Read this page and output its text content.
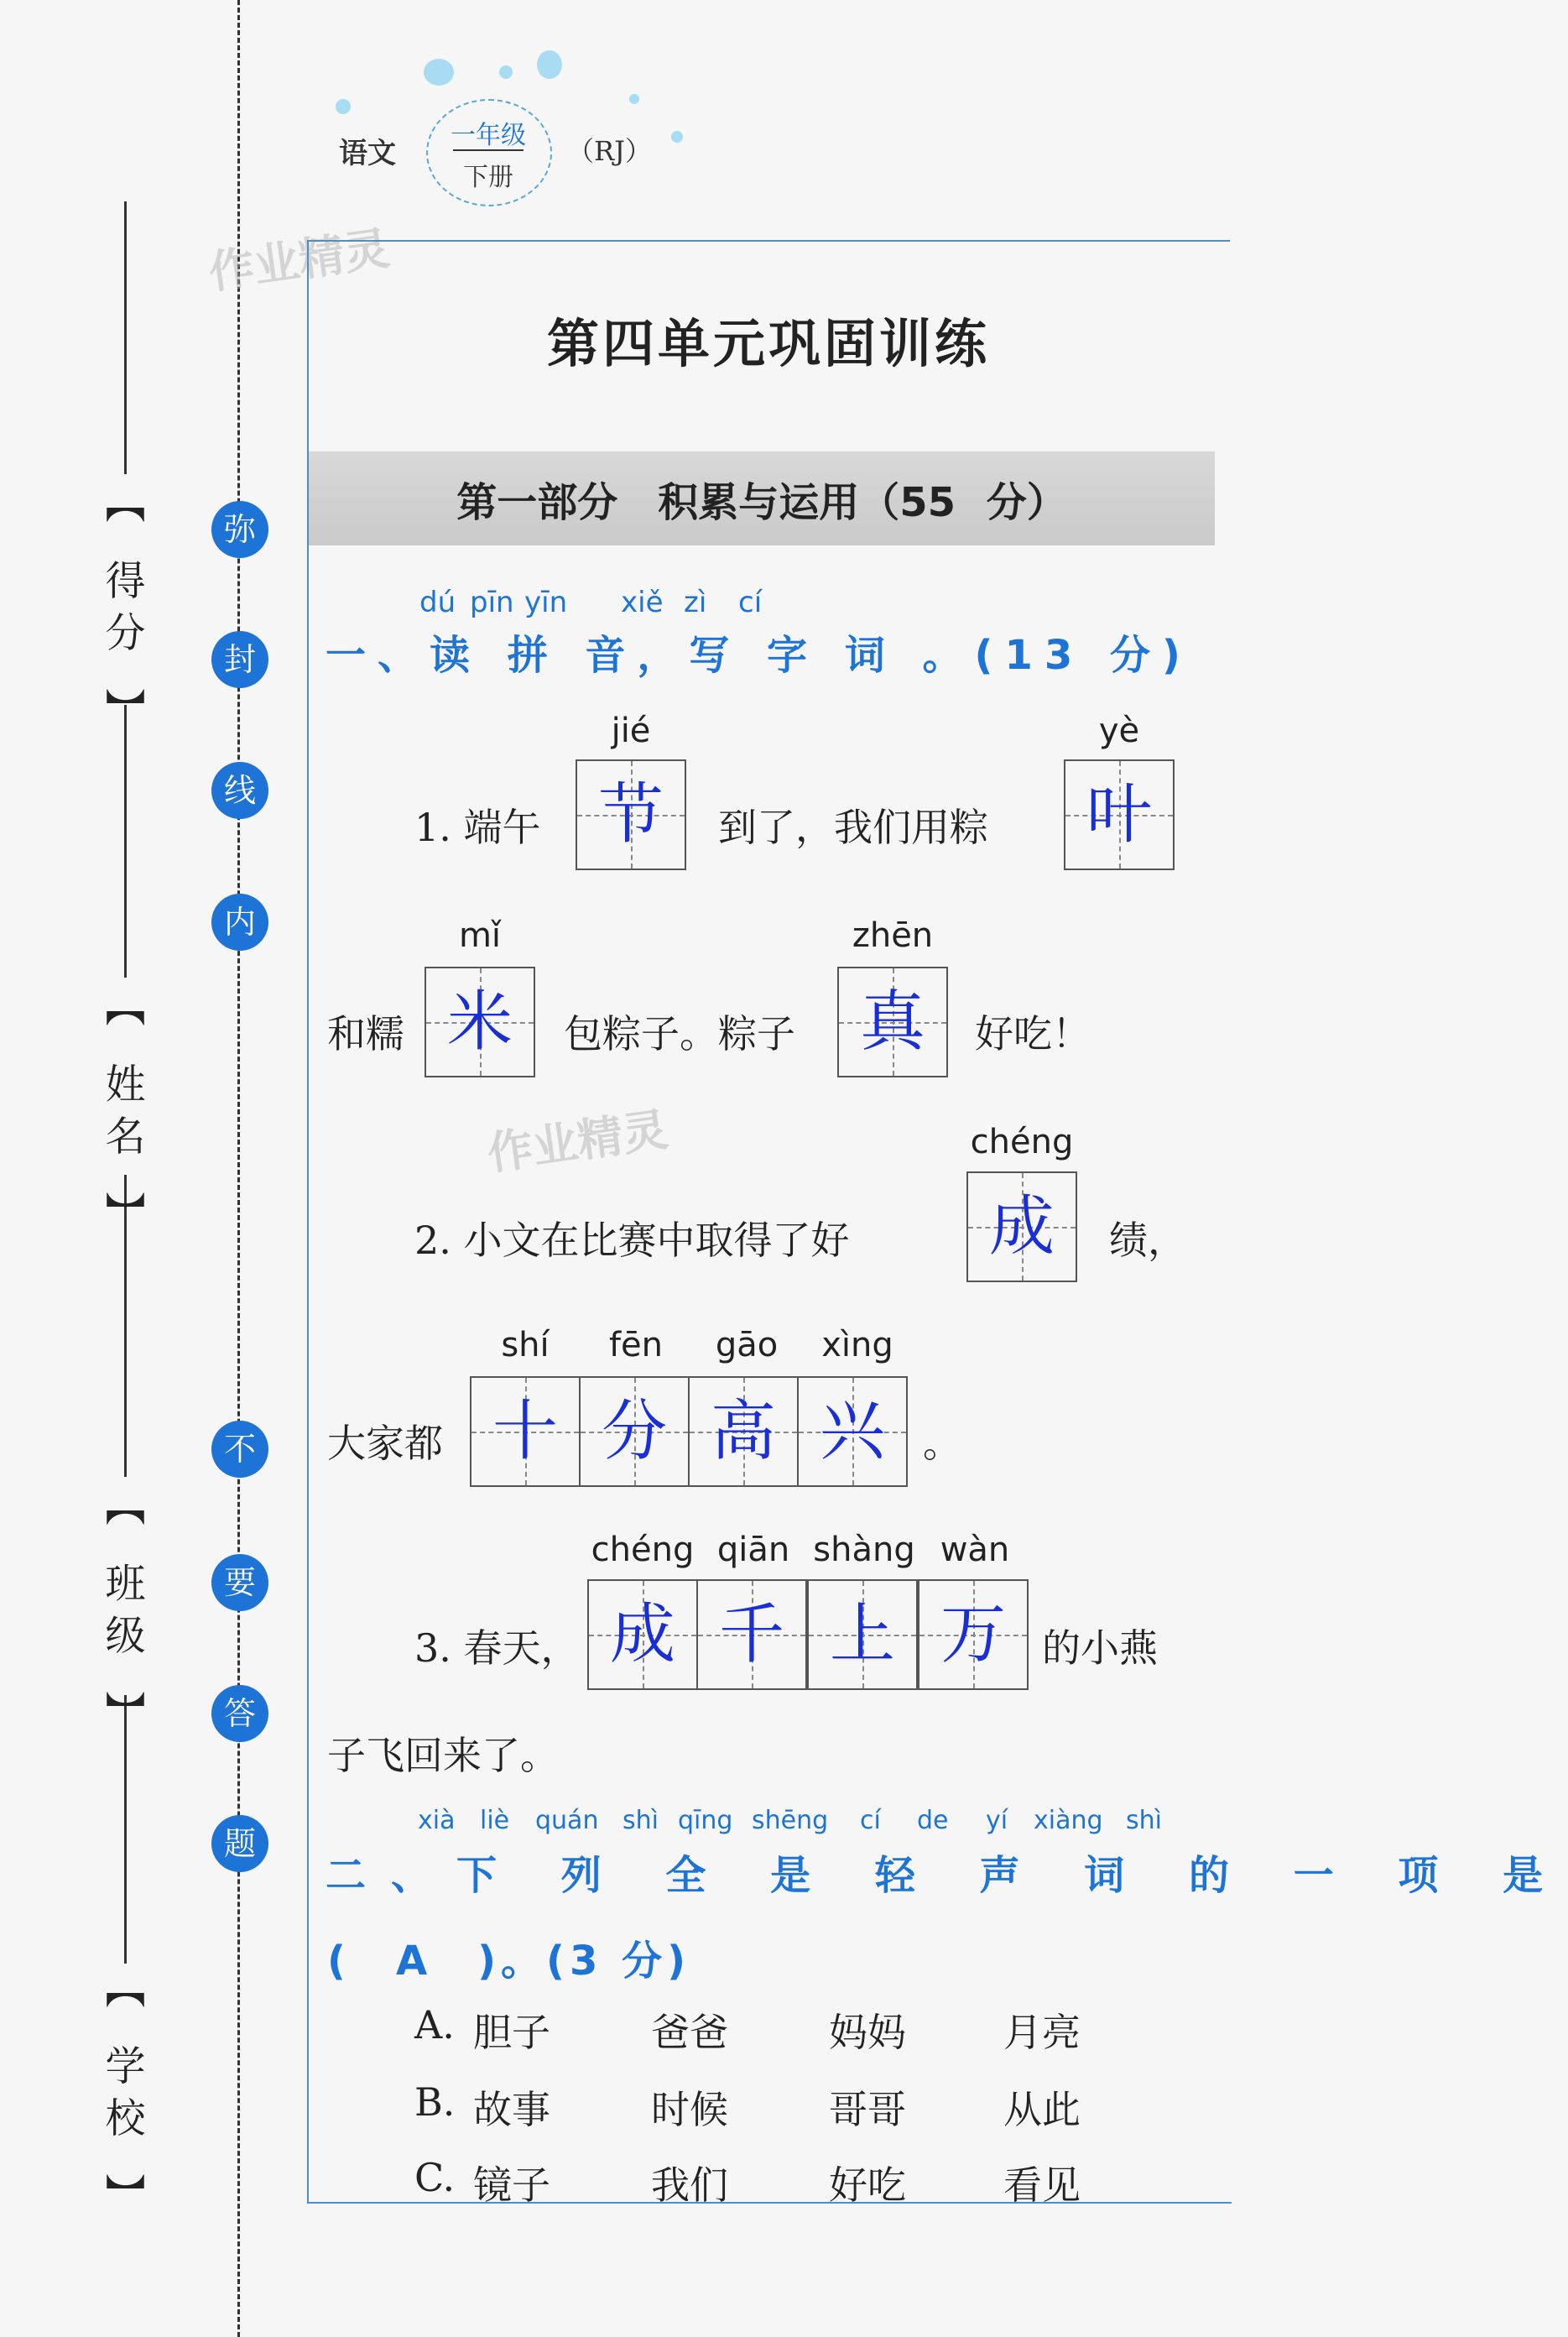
【 学校 】
【 班级 】
【 姓名 】
【 得分 】	弥
封
线
内
不
要
答
题
语文
一年级
下册
（RJ）
作业精灵
作业精灵
第四单元巩固训练
第一部分　积累与运用（55 分）
dú pīn yīn xiě zì cí
一、读 拼 音，写 字 词 。(13 分)
jié	yè
1. 端午 节	到了，我们用粽	叶
mǐ	zhēn
和糯 米	包粽子。粽子 真	好吃！
chéng
2. 小文在比赛中取得了好	成	绩，
shí	fēn	gāo	xìng
大家都 十 分 高 兴 。
chéng qiān shàng wàn
3. 春天， 成 千 上 万 的小燕
子飞回来了。
xià liè quán shì qīng shēng cí de yí xiàng shì
二、下 列 全 是 轻 声 词 的 一 项 是
(　A　)。(3 分)
A. 胆子	爸爸	妈妈	月亮
B. 故事	时候	哥哥	从此
C. 镜子	我们	好吃	看见
